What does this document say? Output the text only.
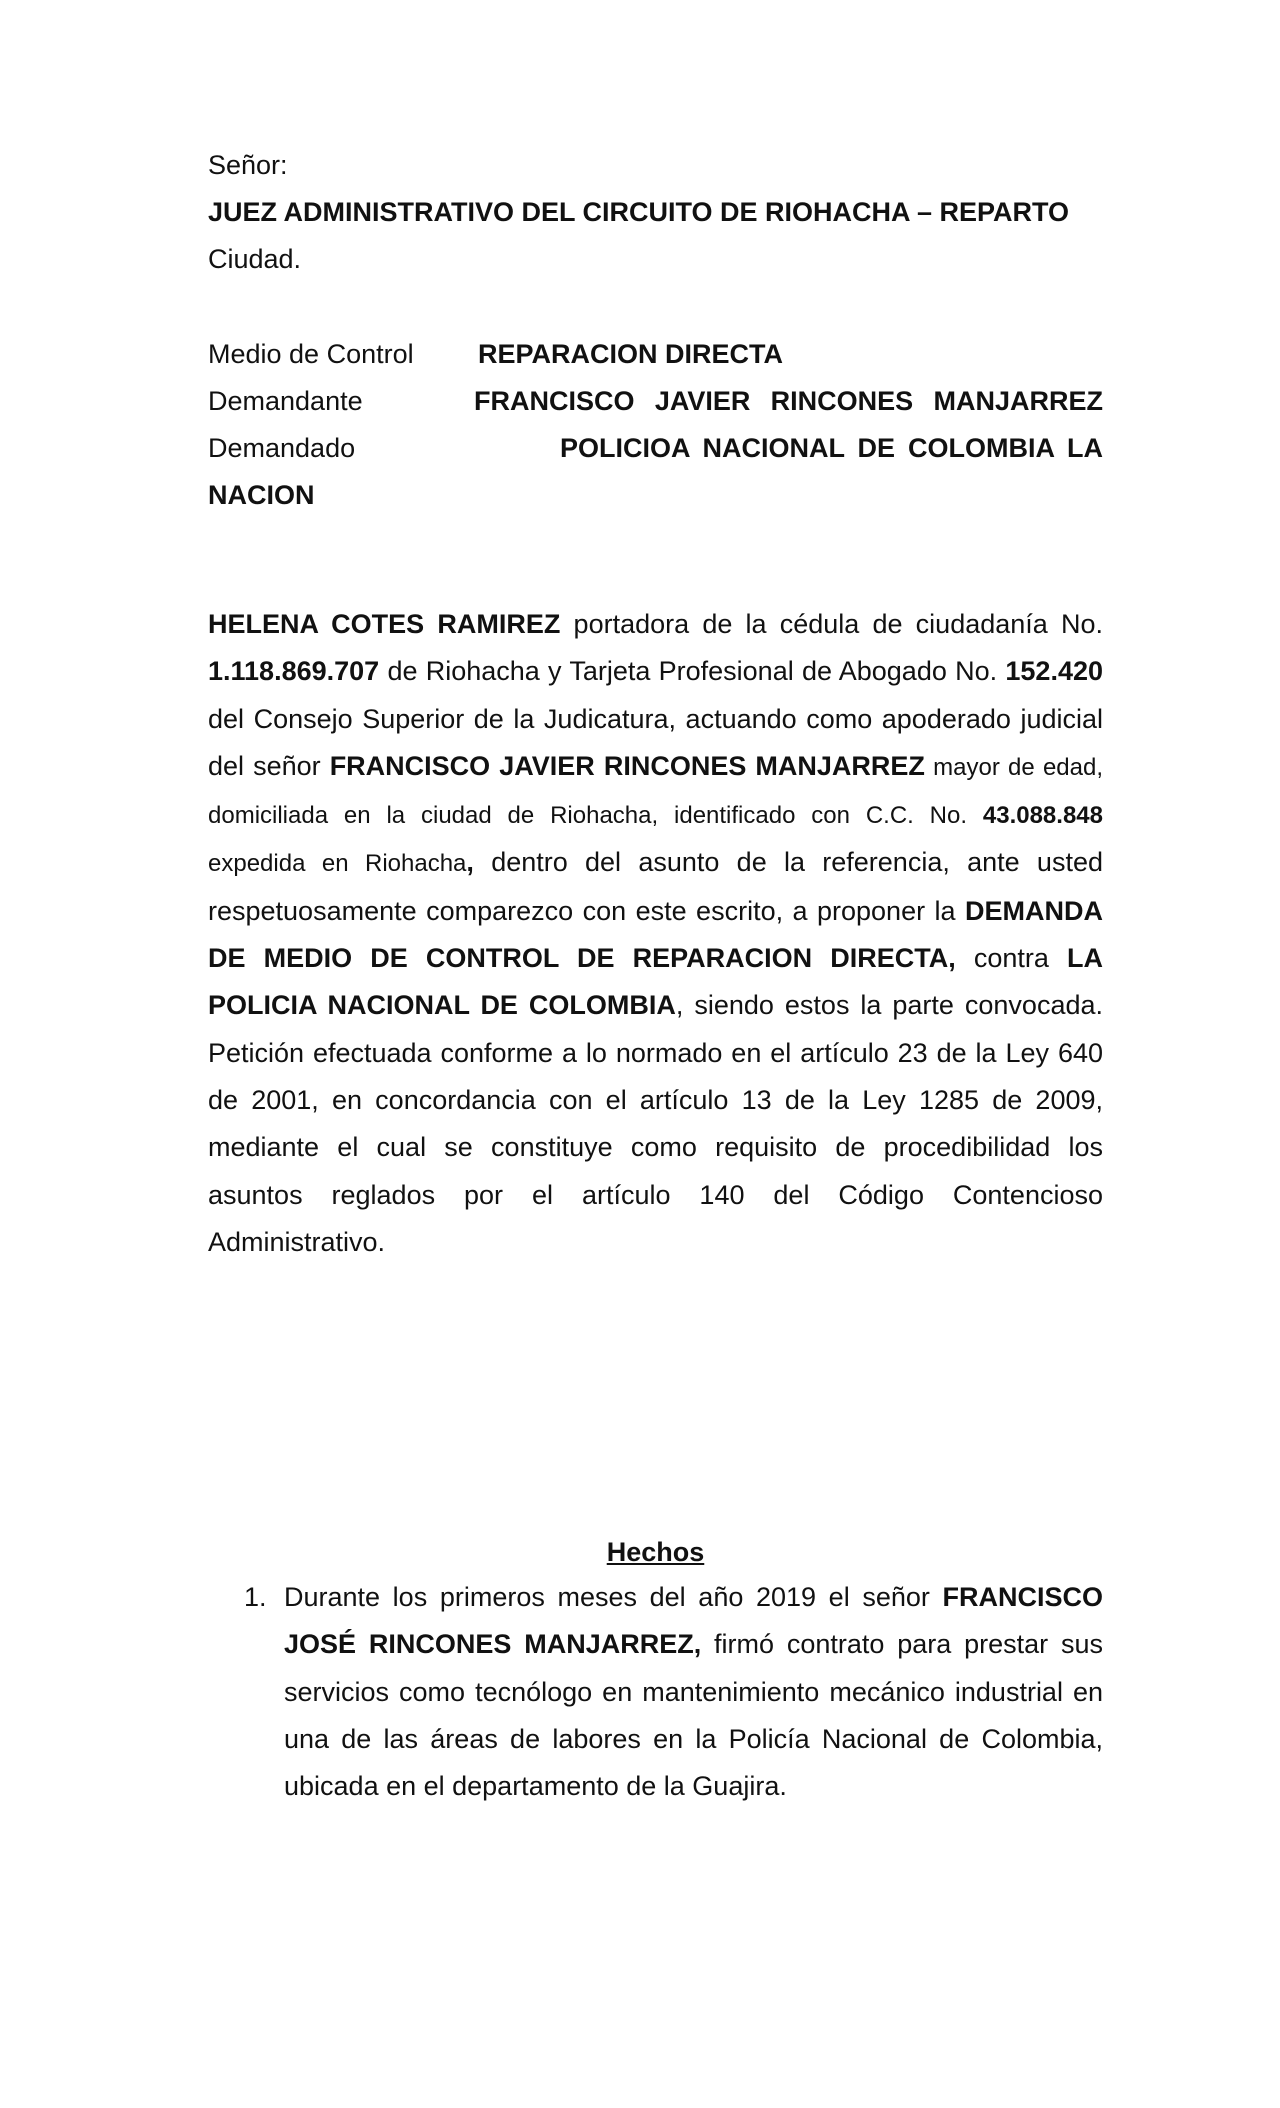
Señor:
JUEZ ADMINISTRATIVO DEL CIRCUITO DE RIOHACHA – REPARTO
Ciudad.
Medio de Control REPARACION DIRECTA
Demandante	FRANCISCO JAVIER RINCONES MANJARREZ
Demandado	POLICIOA NACIONAL DE COLOMBIA LA
NACION
HELENA COTES RAMIREZ portadora de la cédula de ciudadanía No. 1.118.869.707 de Riohacha y Tarjeta Profesional de Abogado No. 152.420 del Consejo Superior de la Judicatura, actuando como apoderado judicial del señor FRANCISCO JAVIER RINCONES MANJARREZ mayor de edad, domiciliada en la ciudad de Riohacha, identificado con C.C. No. 43.088.848 expedida en Riohacha, dentro del asunto de la referencia, ante usted respetuosamente comparezco con este escrito, a proponer la DEMANDA DE MEDIO DE CONTROL DE REPARACION DIRECTA, contra LA POLICIA NACIONAL DE COLOMBIA, siendo estos la parte convocada. Petición efectuada conforme a lo normado en el artículo 23 de la Ley 640 de 2001, en concordancia con el artículo 13 de la Ley 1285 de 2009, mediante el cual se constituye como requisito de procedibilidad los asuntos reglados por el artículo 140 del Código Contencioso Administrativo.
Hechos
1. Durante los primeros meses del año 2019 el señor FRANCISCO JOSÉ RINCONES MANJARREZ, firmó contrato para prestar sus servicios como tecnólogo en mantenimiento mecánico industrial en una de las áreas de labores en la Policía Nacional de Colombia, ubicada en el departamento de la Guajira.
